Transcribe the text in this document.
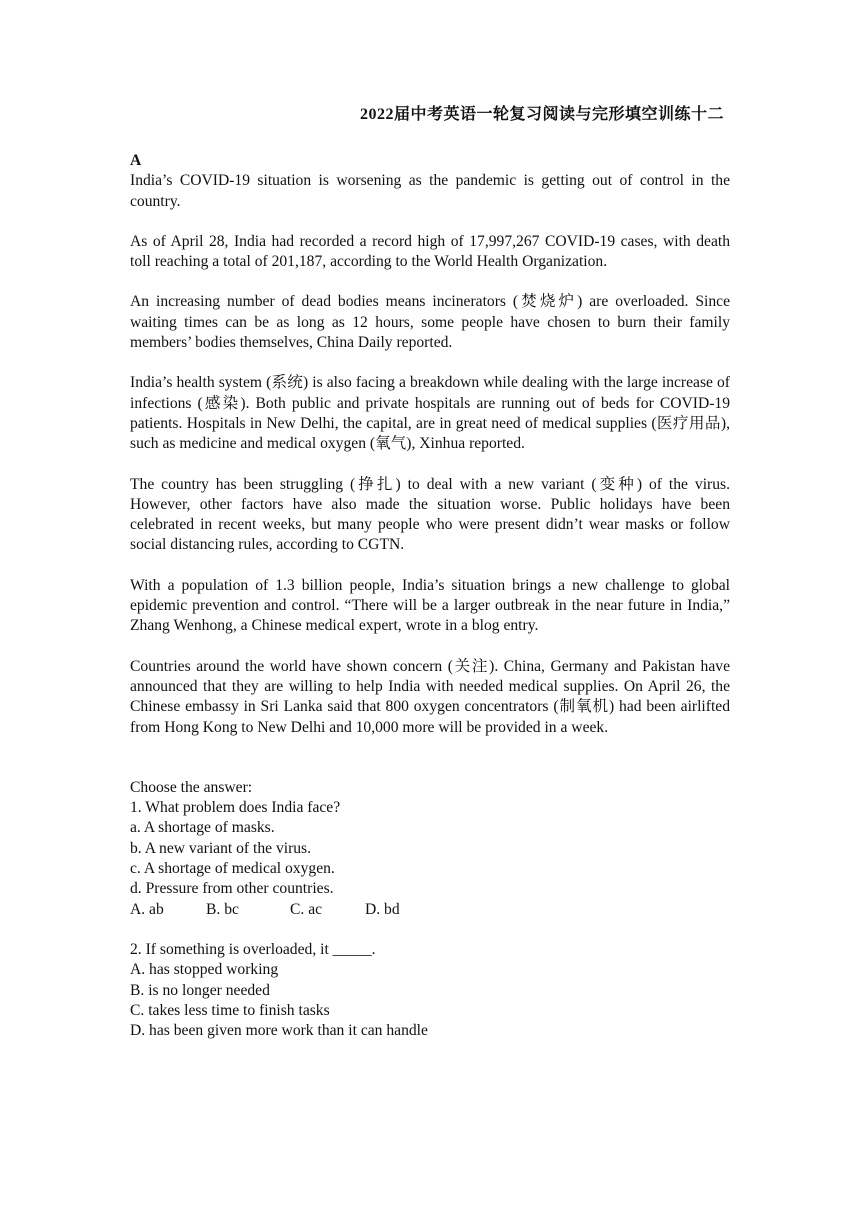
2022届中考英语一轮复习阅读与完形填空训练十二
A

India’s COVID-19 situation is worsening as the pandemic is getting out of control in the country.

As of April 28, India had recorded a record high of 17,997,267 COVID-19 cases, with death toll reaching a total of 201,187, according to the World Health Organization.

An increasing number of dead bodies means incinerators (焚烧炉) are overloaded. Since waiting times can be as long as 12 hours, some people have chosen to burn their family members’ bodies themselves, China Daily reported.

India’s health system (系统) is also facing a breakdown while dealing with the large increase of infections (感染). Both public and private hospitals are running out of beds for COVID-19 patients. Hospitals in New Delhi, the capital, are in great need of medical supplies (医疗用品), such as medicine and medical oxygen (氧气), Xinhua reported.

The country has been struggling (挣扎) to deal with a new variant (变种) of the virus. However, other factors have also made the situation worse. Public holidays have been celebrated in recent weeks, but many people who were present didn’t wear masks or follow social distancing rules, according to CGTN.

With a population of 1.3 billion people, India’s situation brings a new challenge to global epidemic prevention and control. “There will be a larger outbreak in the near future in India,” Zhang Wenhong, a Chinese medical expert, wrote in a blog entry.

Countries around the world have shown concern (关注). China, Germany and Pakistan have announced that they are willing to help India with needed medical supplies. On April 26, the Chinese embassy in Sri Lanka said that 800 oxygen concentrators (制氧机) had been airlifted from Hong Kong to New Delhi and 10,000 more will be provided in a week.

Choose the answer:
1. What problem does India face?
a. A shortage of masks.
b. A new variant of the virus.
c. A shortage of medical oxygen.
d. Pressure from other countries.
A. ab	B. bc	C. ac	D. bd
2. If something is overloaded, it _____.
A. has stopped working
B. is no longer needed
C. takes less time to finish tasks
D. has been given more work than it can handle
